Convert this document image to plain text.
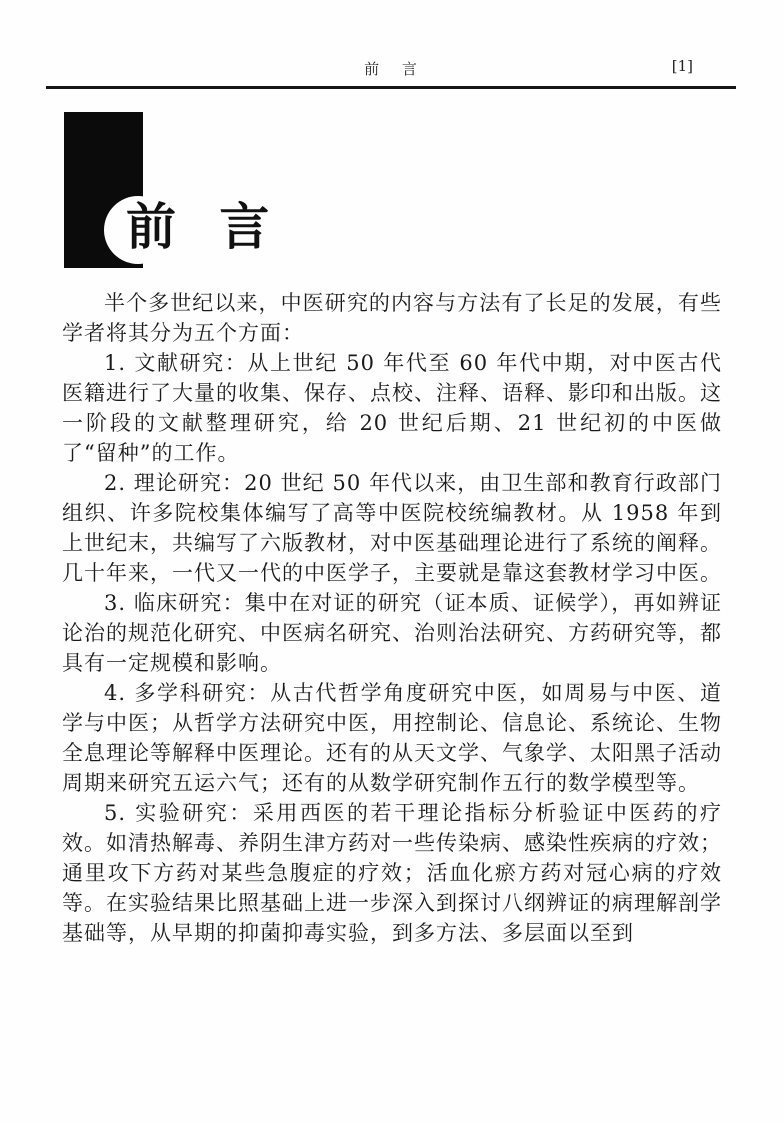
前 言	[1]
前 言

半个多世纪以来，中医研究的内容与方法有了长足的发展，有些学者将其分为五个方面：

1. 文献研究：从上世纪 50 年代至 60 年代中期，对中医古代医籍进行了大量的收集、保存、点校、注释、语释、影印和出版。这一阶段的文献整理研究，给 20 世纪后期、21 世纪初的中医做了“留种”的工作。

2. 理论研究：20 世纪 50 年代以来，由卫生部和教育行政部门组织、许多院校集体编写了高等中医院校统编教材。从 1958 年到上世纪末，共编写了六版教材，对中医基础理论进行了系统的阐释。几十年来，一代又一代的中医学子，主要就是靠这套教材学习中医。

3. 临床研究：集中在对证的研究（证本质、证候学），再如辨证论治的规范化研究、中医病名研究、治则治法研究、方药研究等，都具有一定规模和影响。

4. 多学科研究：从古代哲学角度研究中医，如周易与中医、道学与中医；从哲学方法研究中医，用控制论、信息论、系统论、生物全息理论等解释中医理论。还有的从天文学、气象学、太阳黑子活动周期来研究五运六气；还有的从数学研究制作五行的数学模型等。

5. 实验研究：采用西医的若干理论指标分析验证中医药的疗效。如清热解毒、养阴生津方药对一些传染病、感染性疾病的疗效；通里攻下方药对某些急腹症的疗效；活血化瘀方药对冠心病的疗效等。在实验结果比照基础上进一步深入到探讨八纲辨证的病理解剖学基础等，从早期的抑菌抑毒实验，到多方法、多层面以至到
